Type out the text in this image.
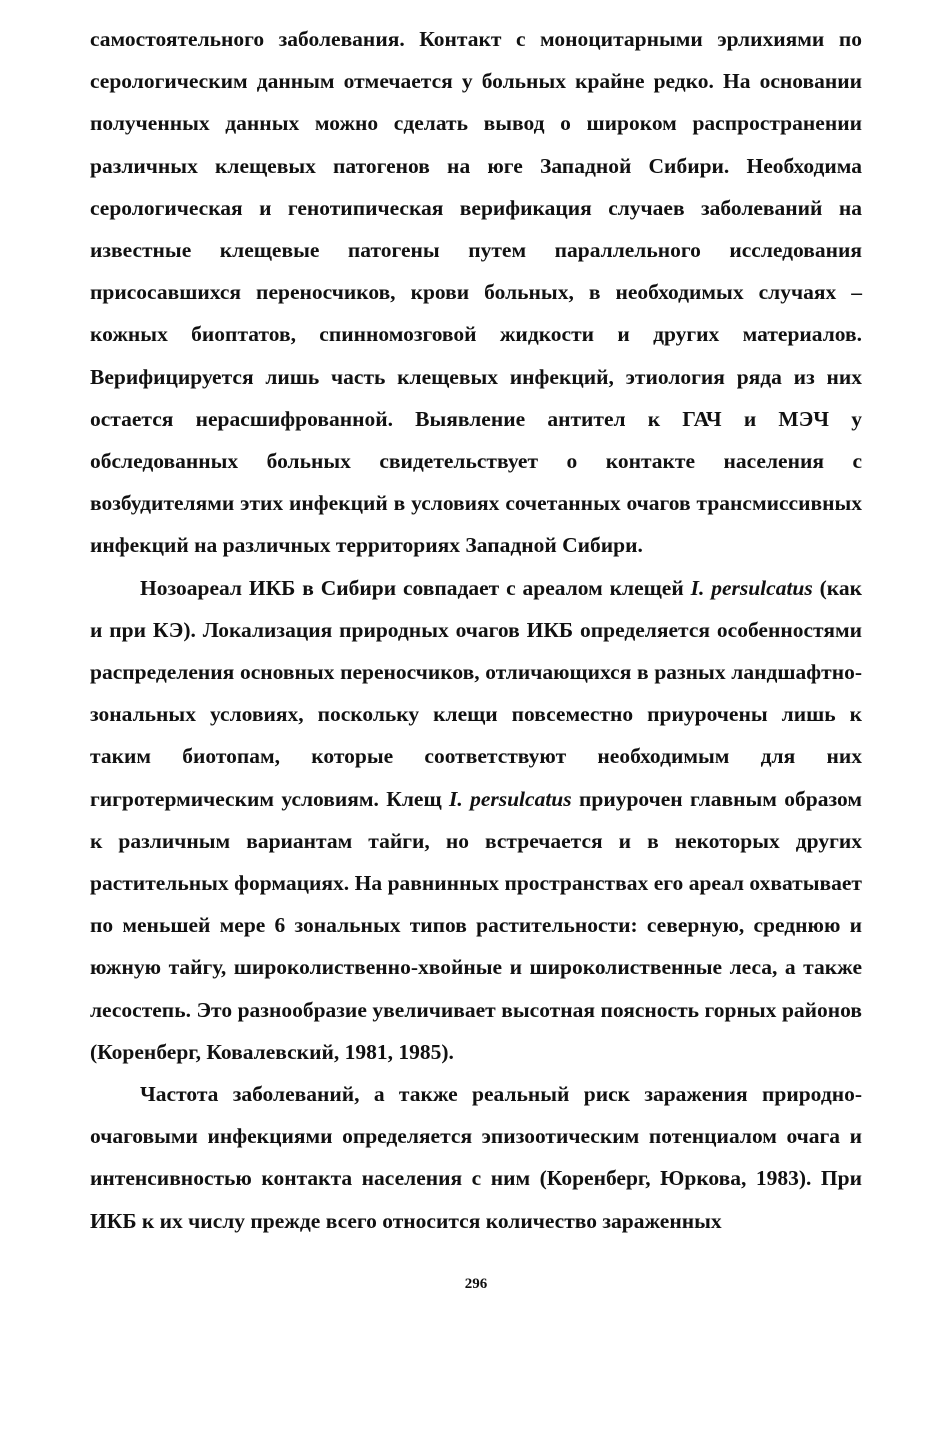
самостоятельного заболевания. Контакт с моноцитарными эрлихиями по серологическим данным отмечается у больных крайне редко. На основании полученных данных можно сделать вывод о широком распространении различных клещевых патогенов на юге Западной Сибири. Необходима серологическая и генотипическая верификация случаев заболеваний на известные клещевые патогены путем параллельного исследования присосавшихся переносчиков, крови больных, в необходимых случаях – кожных биоптатов, спинномозговой жидкости и других материалов. Верифицируется лишь часть клещевых инфекций, этиология ряда из них остается нерасшифрованной. Выявление антител к ГАЧ и МЭЧ у обследованных больных свидетельствует о контакте населения с возбудителями этих инфекций в условиях сочетанных очагов трансмиссивных инфекций на различных территориях Западной Сибири.

Нозоареал ИКБ в Сибири совпадает с ареалом клещей I. persulcatus (как и при КЭ). Локализация природных очагов ИКБ определяется особенностями распределения основных переносчиков, отличающихся в разных ландшафтно-зональных условиях, поскольку клещи повсеместно приурочены лишь к таким биотопам, которые соответствуют необходимым для них гигротермическим условиям. Клещ I. persulcatus приурочен главным образом к различным вариантам тайги, но встречается и в некоторых других растительных формациях. На равнинных пространствах его ареал охватывает по меньшей мере 6 зональных типов растительности: северную, среднюю и южную тайгу, широколиственно-хвойные и широколиственные леса, а также лесостепь. Это разнообразие увеличивает высотная поясность горных районов (Коренберг, Ковалевский, 1981, 1985).

Частота заболеваний, а также реальный риск заражения природно-очаговыми инфекциями определяется эпизоотическим потенциалом очага и интенсивностью контакта населения с ним (Коренберг, Юркова, 1983). При ИКБ к их числу прежде всего относится количество зараженных

296
